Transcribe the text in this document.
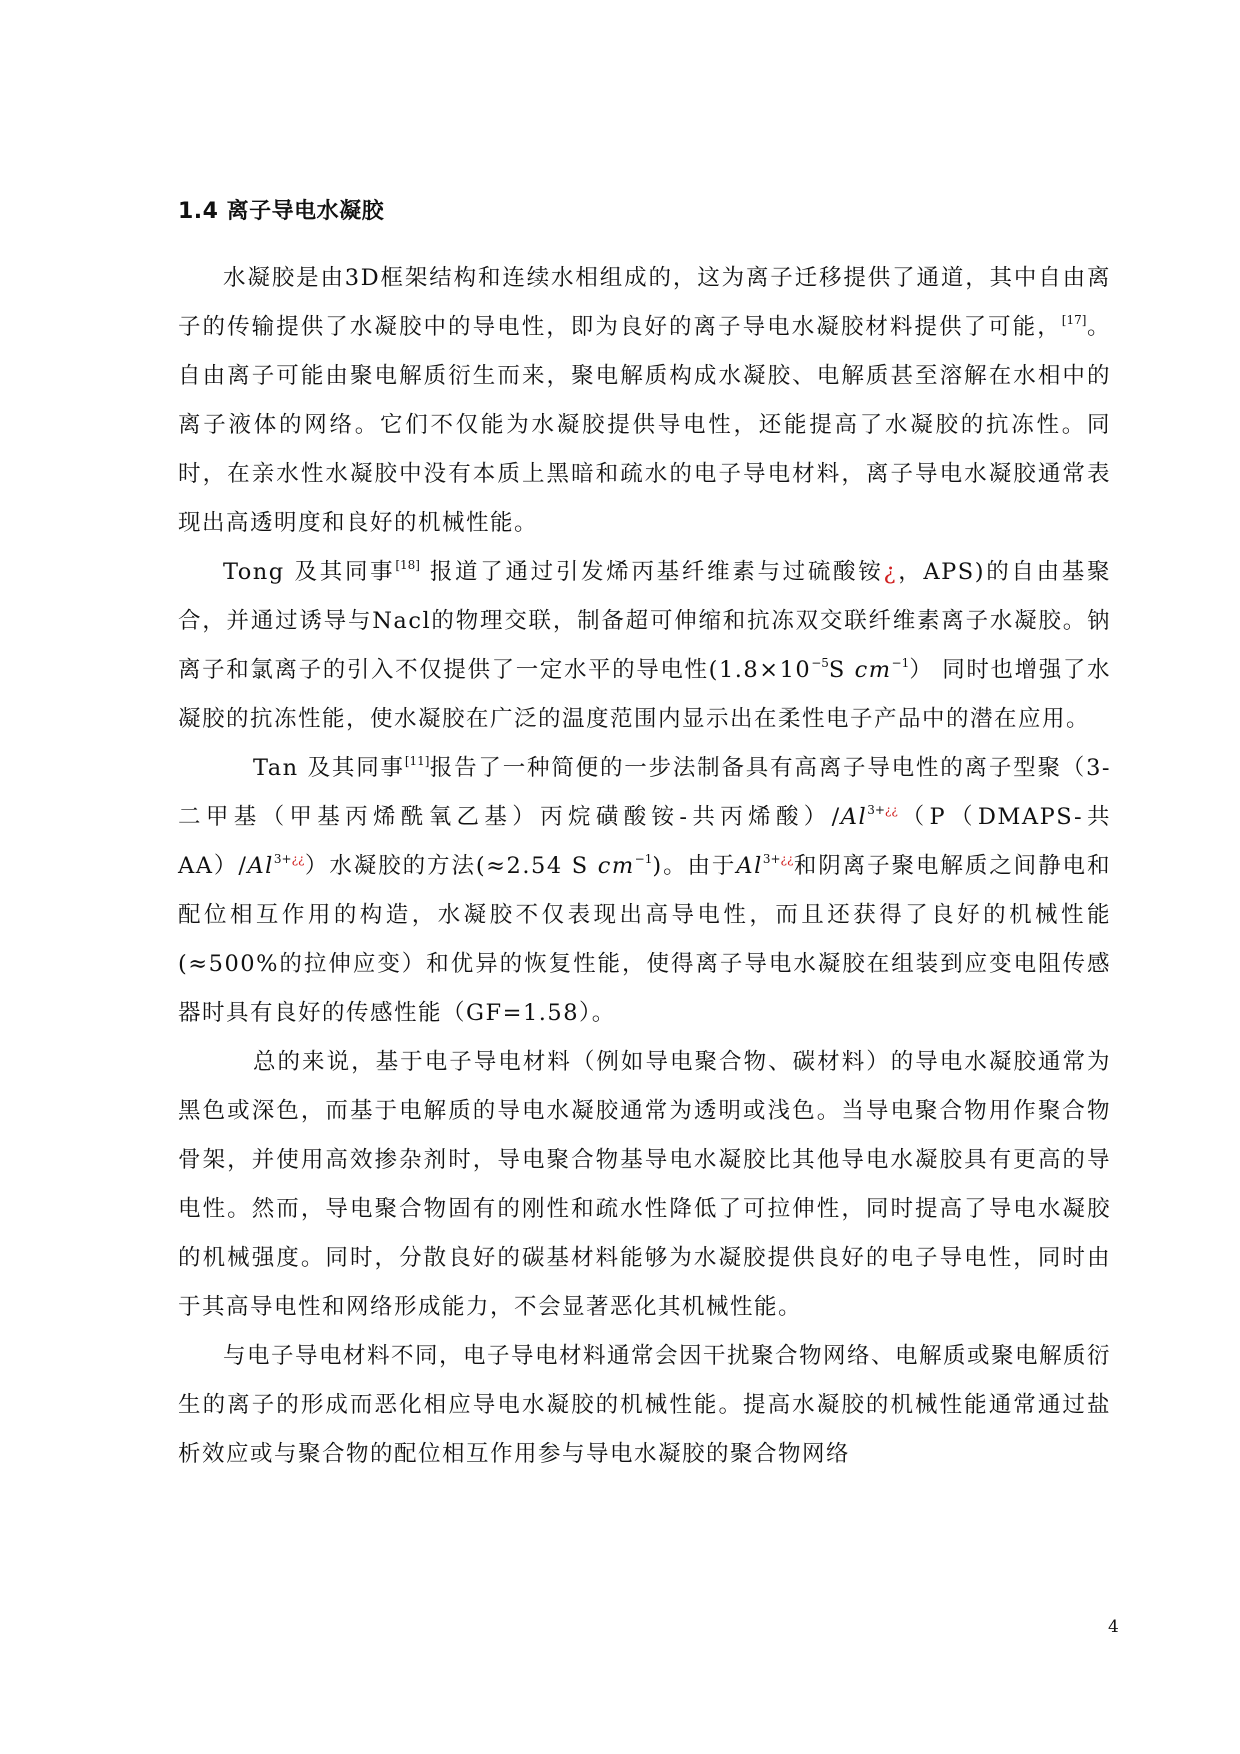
1.4 离子导电水凝胶

水凝胶是由3D框架结构和连续水相组成的，这为离子迁移提供了通道，其中自由离子的传输提供了水凝胶中的导电性，即为良好的离子导电水凝胶材料提供了可能，[17]。自由离子可能由聚电解质衍生而来，聚电解质构成水凝胶、电解质甚至溶解在水相中的离子液体的网络。它们不仅能为水凝胶提供导电性，还能提高了水凝胶的抗冻性。同时，在亲水性水凝胶中没有本质上黑暗和疏水的电子导电材料，离子导电水凝胶通常表现出高透明度和良好的机械性能。

Tong 及其同事[18] 报道了通过引发烯丙基纤维素与过硫酸铵¿，APS)的自由基聚合，并通过诱导与Nacl的物理交联，制备超可伸缩和抗冻双交联纤维素离子水凝胶。钠离子和氯离子的引入不仅提供了一定水平的导电性($1.8\times 10^{-5}S$ $cm^{-1}$） 同时也增强了水凝胶的抗冻性能，使水凝胶在广泛的温度范围内显示出在柔性电子产品中的潜在应用。

Tan 及其同事[11]报告了一种简便的一步法制备具有高离子导电性的离子型聚（3-二甲基（甲基丙烯酰氧乙基）丙烷磺酸铵-共丙烯酸）$/Al^{3+¿¿}(P(DMAPS-$共 $AA)/Al^{3+¿¿}$）水凝胶的方法(≈2.54 S $cm^{-1}$)。由于$Al^{3+¿¿}$和阴离子聚电解质之间静电和配位相互作用的构造，水凝胶不仅表现出高导电性，而且还获得了良好的机械性能(≈500%的拉伸应变）和优异的恢复性能，使得离子导电水凝胶在组装到应变电阻传感器时具有良好的传感性能（GF=1.58）。

总的来说，基于电子导电材料（例如导电聚合物、碳材料）的导电水凝胶通常为黑色或深色，而基于电解质的导电水凝胶通常为透明或浅色。当导电聚合物用作聚合物骨架，并使用高效掺杂剂时，导电聚合物基导电水凝胶比其他导电水凝胶具有更高的导电性。然而，导电聚合物固有的刚性和疏水性降低了可拉伸性，同时提高了导电水凝胶的机械强度。同时，分散良好的碳基材料能够为水凝胶提供良好的电子导电性，同时由于其高导电性和网络形成能力，不会显著恶化其机械性能。

与电子导电材料不同，电子导电材料通常会因干扰聚合物网络、电解质或聚电解质衍生的离子的形成而恶化相应导电水凝胶的机械性能。提高水凝胶的机械性能通常通过盐析效应或与聚合物的配位相互作用参与导电水凝胶的聚合物网络

4
